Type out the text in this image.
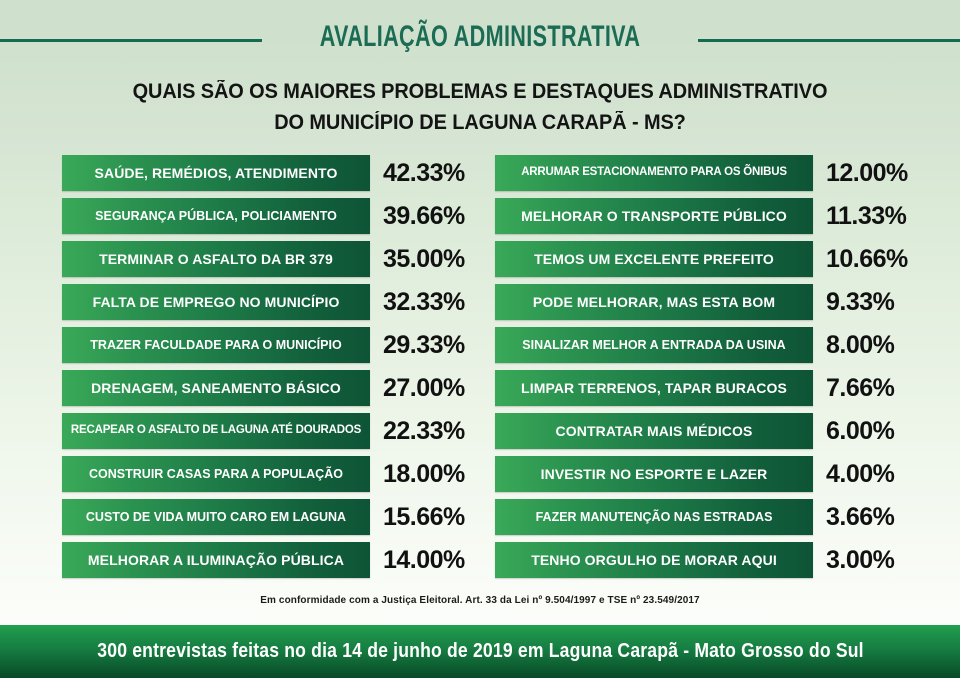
AVALIAÇÃO ADMINISTRATIVA
QUAIS SÃO OS MAIORES PROBLEMAS E DESTAQUES ADMINISTRATIVO
DO MUNICÍPIO DE LAGUNA CARAPÃ - MS?
SAÚDE, REMÉDIOS, ATENDIMENTO 42.33%
SEGURANÇA PÚBLICA, POLICIAMENTO 39.66%
TERMINAR O ASFALTO DA BR 379 35.00%
FALTA DE EMPREGO NO MUNICÍPIO 32.33%
TRAZER FACULDADE PARA O MUNICÍPIO 29.33%
DRENAGEM, SANEAMENTO BÁSICO 27.00%
RECAPEAR O ASFALTO DE LAGUNA ATÉ DOURADOS 22.33%
CONSTRUIR CASAS PARA A POPULAÇÃO 18.00%
CUSTO DE VIDA MUITO CARO EM LAGUNA 15.66%
MELHORAR A ILUMINAÇÃO PÚBLICA 14.00%
ARRUMAR ESTACIONAMENTO PARA OS ÕNIBUS 12.00%
MELHORAR O TRANSPORTE PÚBLICO 11.33%
TEMOS UM EXCELENTE PREFEITO 10.66%
PODE MELHORAR, MAS ESTA BOM 9.33%
SINALIZAR MELHOR A ENTRADA DA USINA 8.00%
LIMPAR TERRENOS, TAPAR BURACOS 7.66%
CONTRATAR MAIS MÉDICOS	6.00%
INVESTIR NO ESPORTE E LAZER 4.00%
FAZER MANUTENÇÃO NAS ESTRADAS 3.66%
TENHO ORGULHO DE MORAR AQUI 3.00%
Em conformidade com a Justiça Eleitoral. Art. 33 da Lei nº 9.504/1997 e TSE nº 23.549/2017
300 entrevistas feitas no dia 14 de junho de 2019 em Laguna Carapã - Mato Grosso do Sul
